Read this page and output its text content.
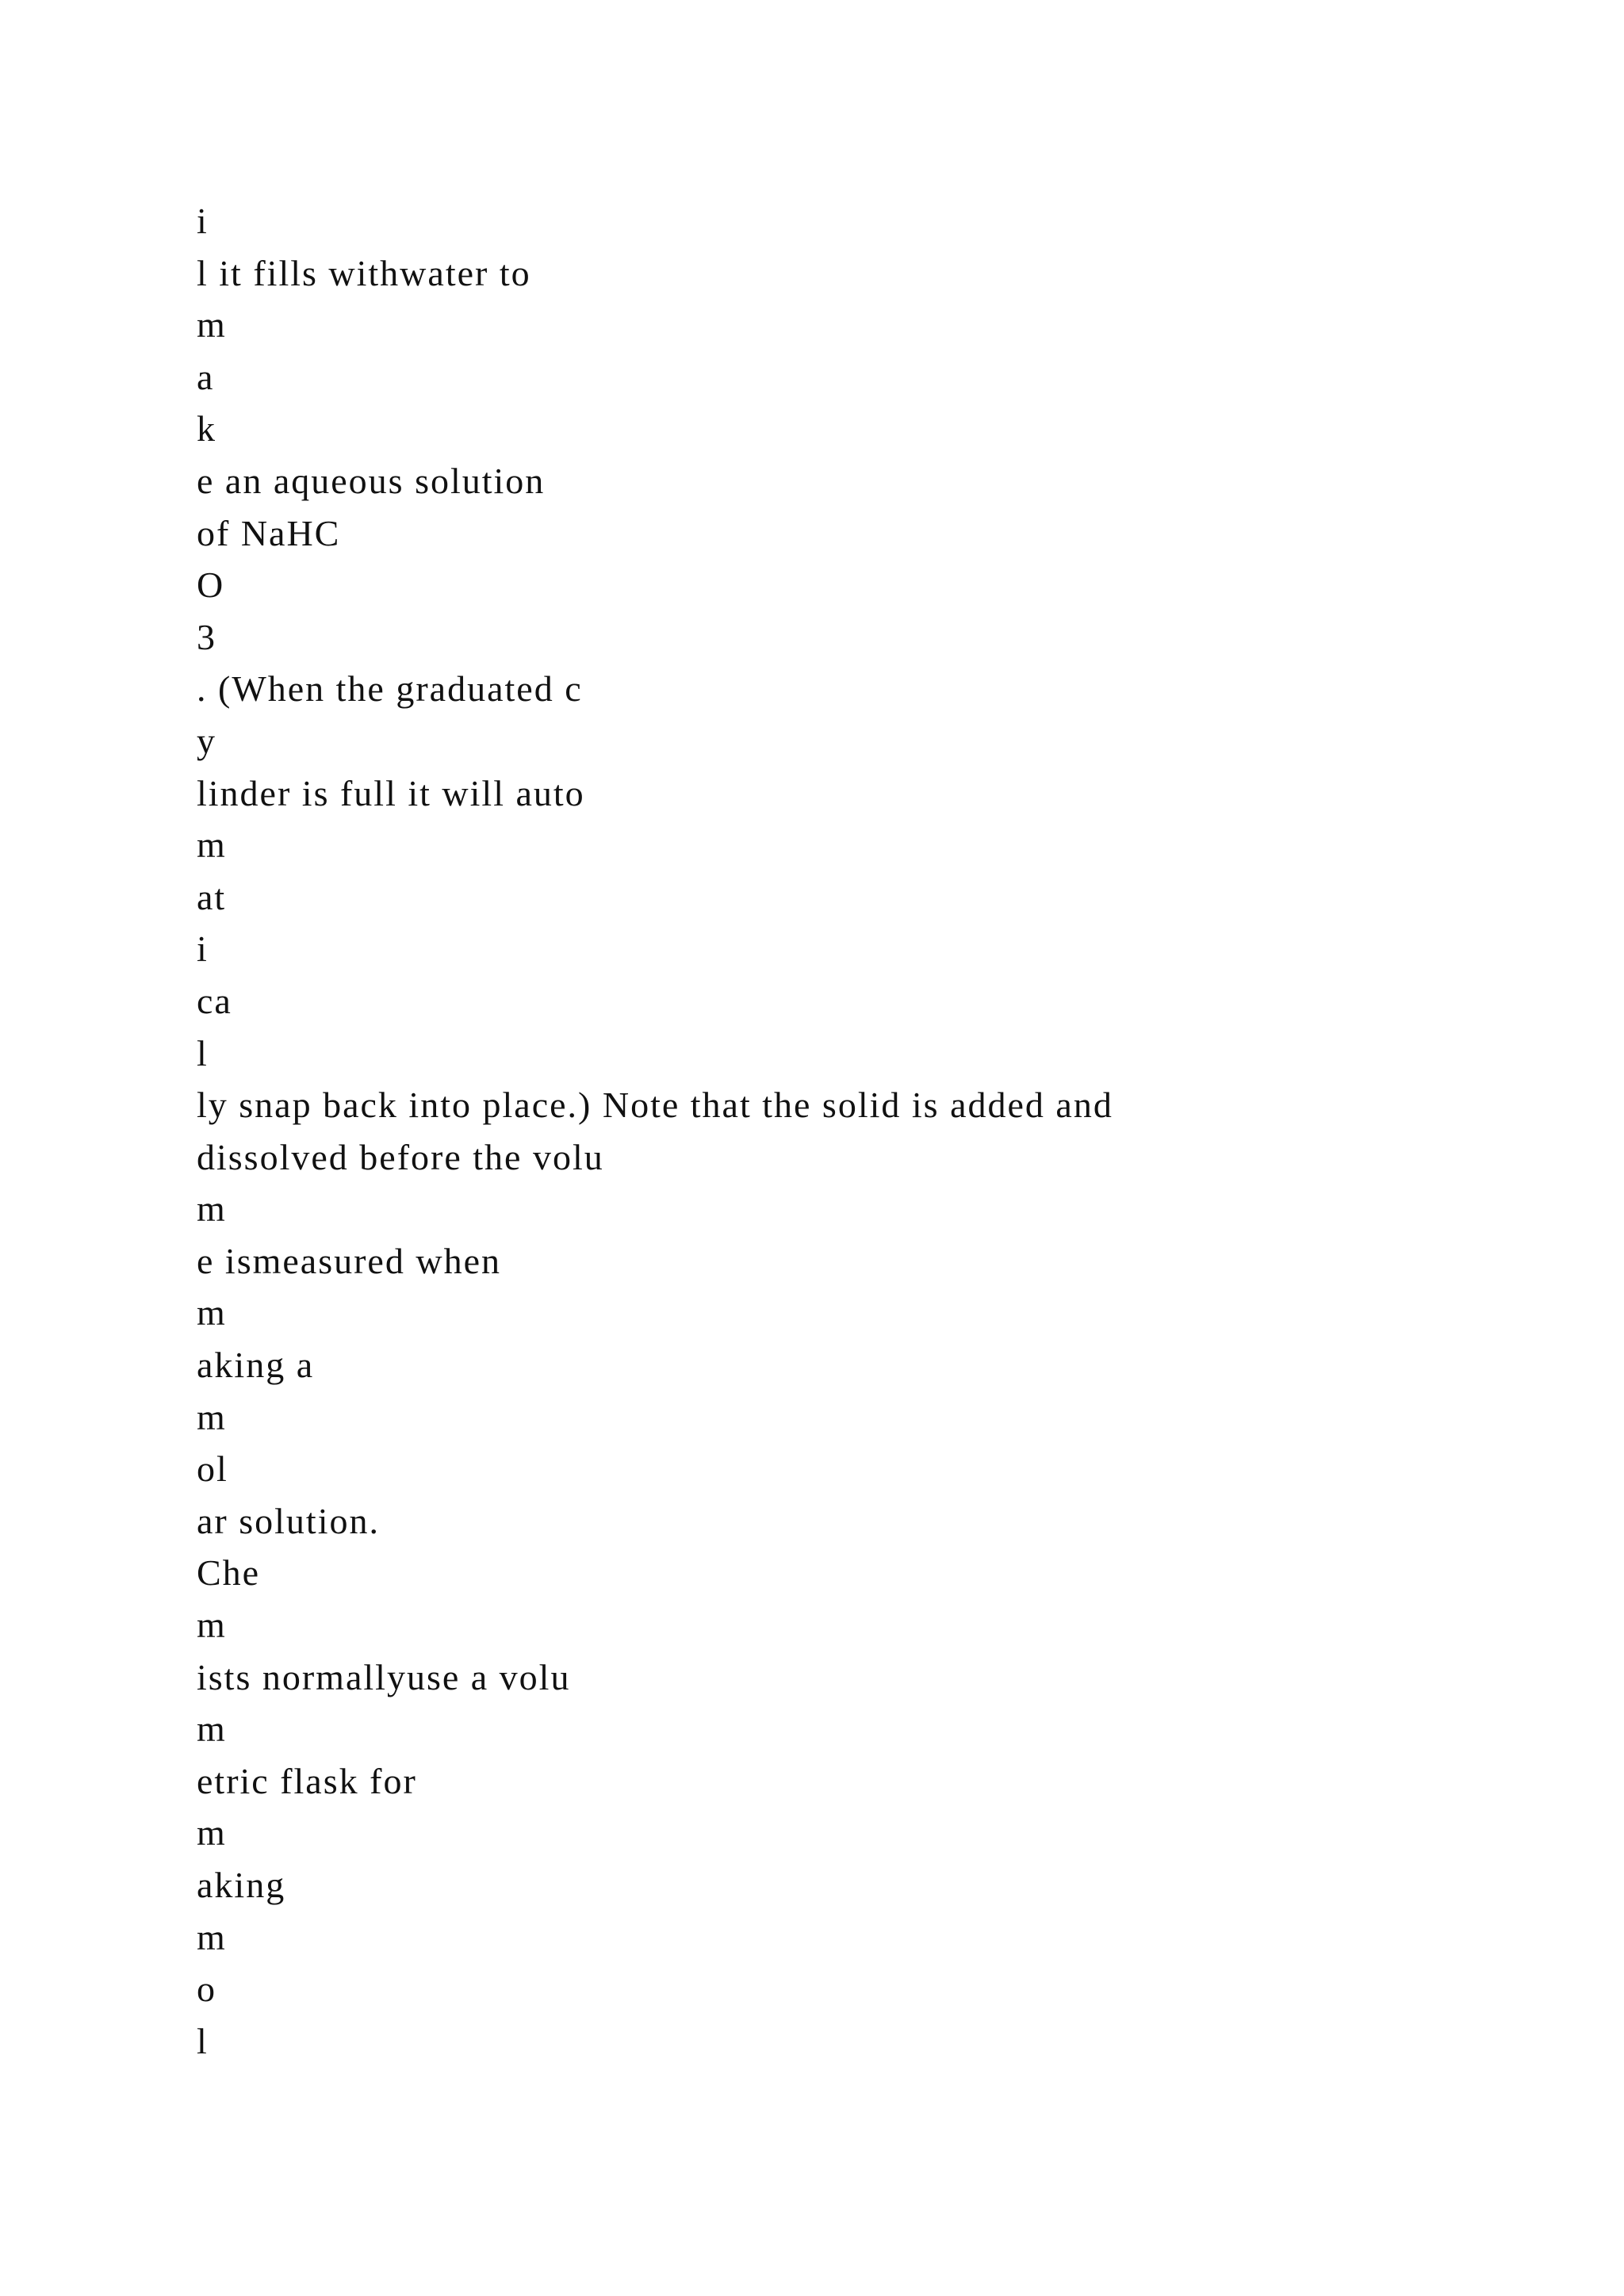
i
l it fills withwater to
m
a
k
e an aqueous solution
of NaHC
O
3
. (When the graduated c
y
linder is full it will auto
m
at
i
ca
l
ly snap back into place.) Note that the solid is added and
dissolved before the volu
m
e ismeasured when
m
aking a
m
ol
ar solution.
Che
m
ists normallyuse a volu
m
etric flask for
m
aking
m
o
l
